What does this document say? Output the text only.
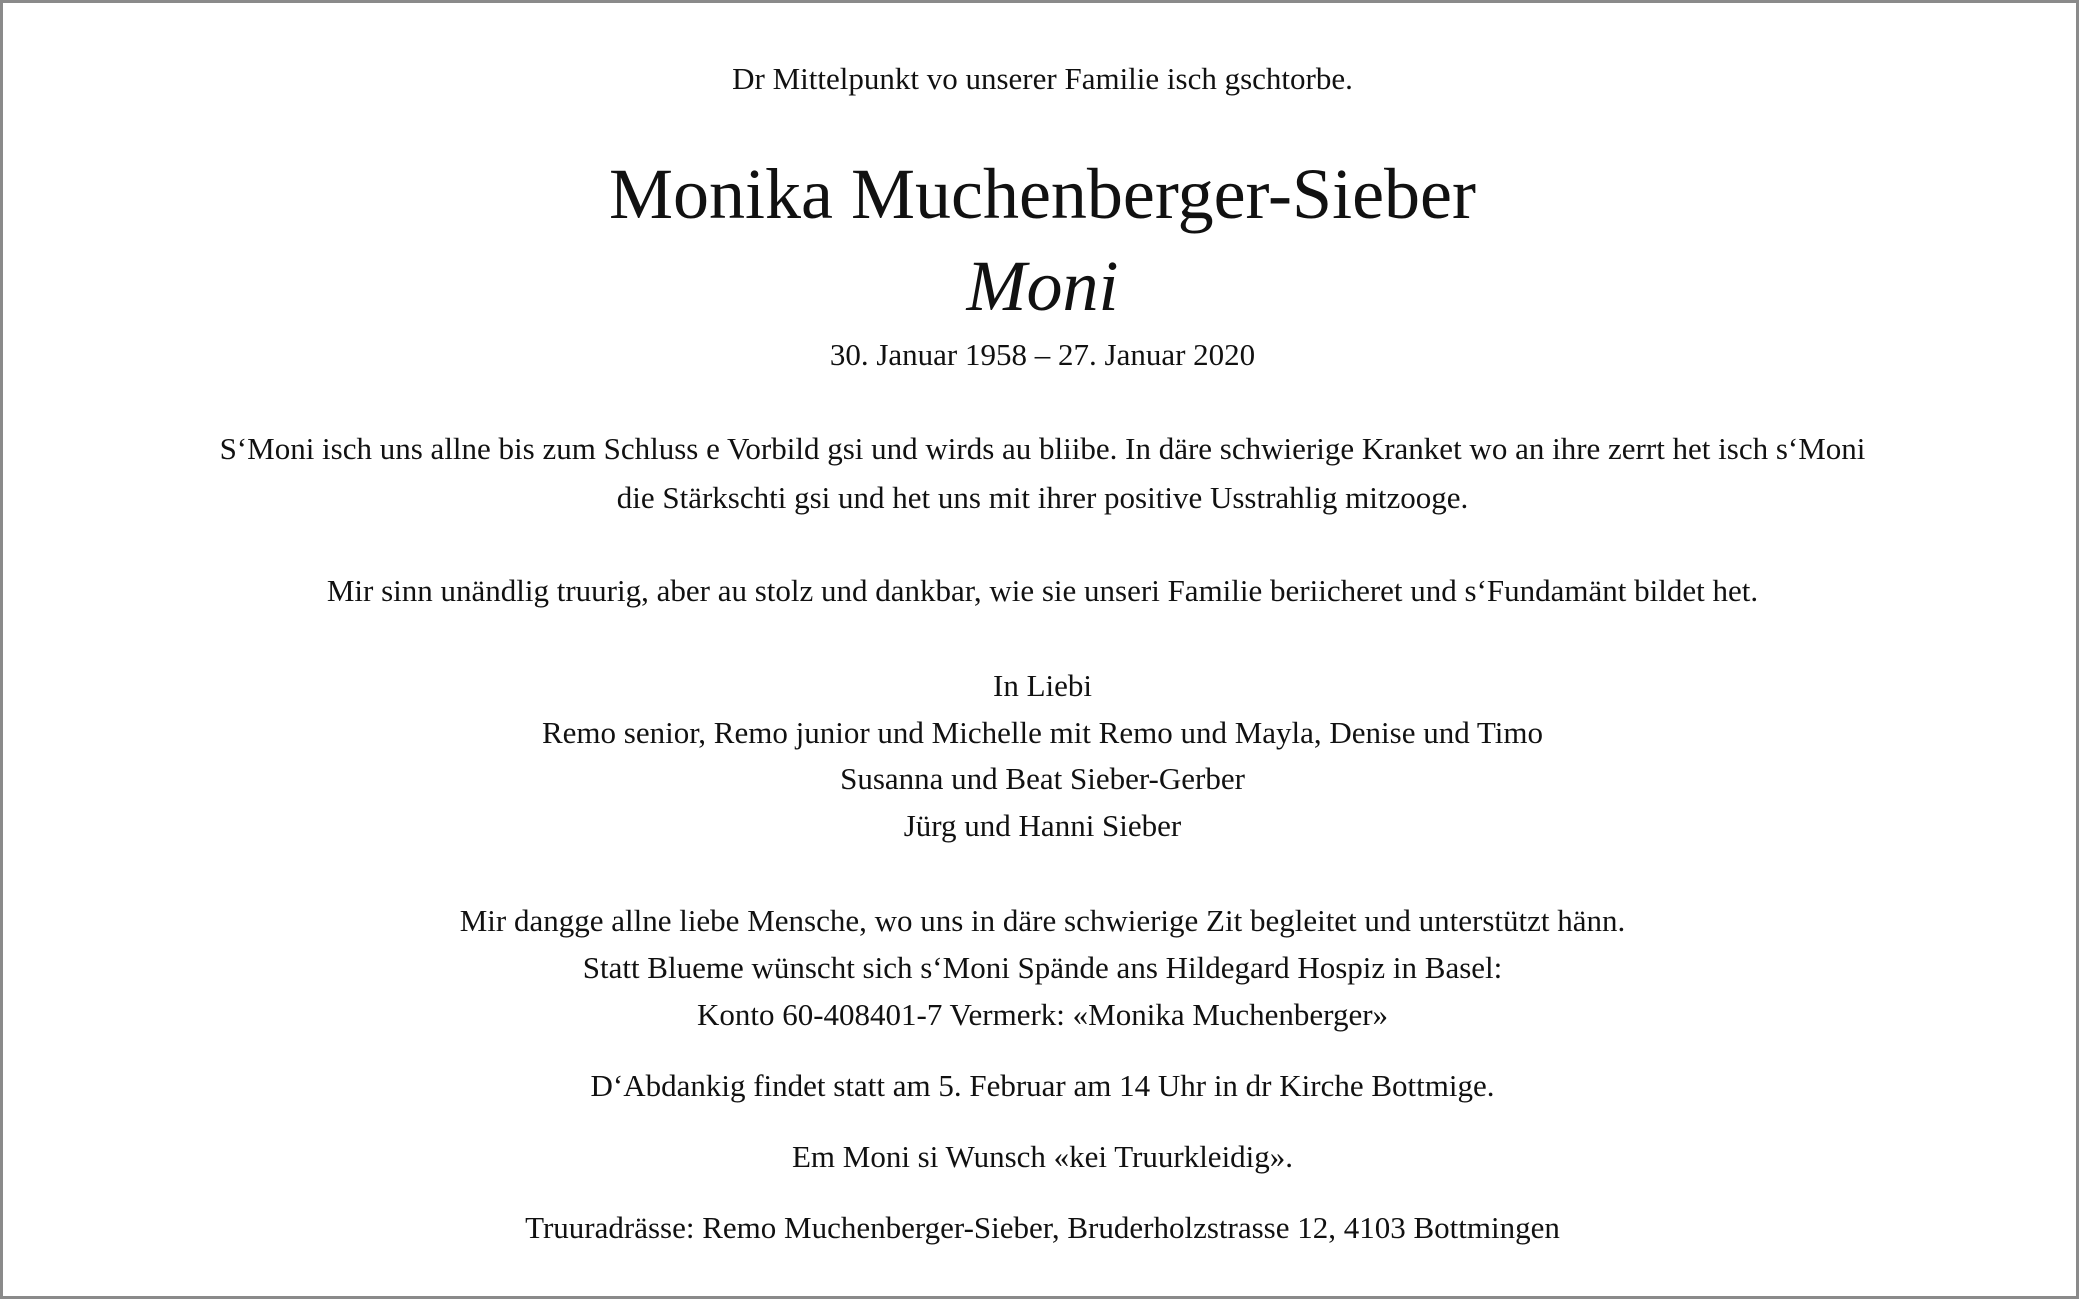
Dr Mittelpunkt vo unserer Familie isch gschtorbe.
Monika Muchenberger-Sieber
Moni
30. Januar 1958 – 27. Januar 2020
S‘Moni isch uns allne bis zum Schluss e Vorbild gsi und wirds au bliibe. In däre schwierige Kranket wo an ihre zerrt het isch s‘Moni
die Stärkschti gsi und het uns mit ihrer positive Usstrahlig mitzooge.
Mir sinn unändlig truurig, aber au stolz und dankbar, wie sie unseri Familie beriicheret und s‘Fundamänt bildet het.
In Liebi
Remo senior, Remo junior und Michelle mit Remo und Mayla, Denise und Timo
Susanna und Beat Sieber-Gerber
Jürg und Hanni Sieber
Mir dangge allne liebe Mensche, wo uns in däre schwierige Zit begleitet und unterstützt hänn.
Statt Blueme wünscht sich s‘Moni Spände ans Hildegard Hospiz in Basel:
Konto 60-408401-7 Vermerk: «Monika Muchenberger»
D‘Abdankig findet statt am 5. Februar am 14 Uhr in dr Kirche Bottmige.
Em Moni si Wunsch «kei Truurkleidig».
Truuradrässe: Remo Muchenberger-Sieber, Bruderholzstrasse 12, 4103 Bottmingen
